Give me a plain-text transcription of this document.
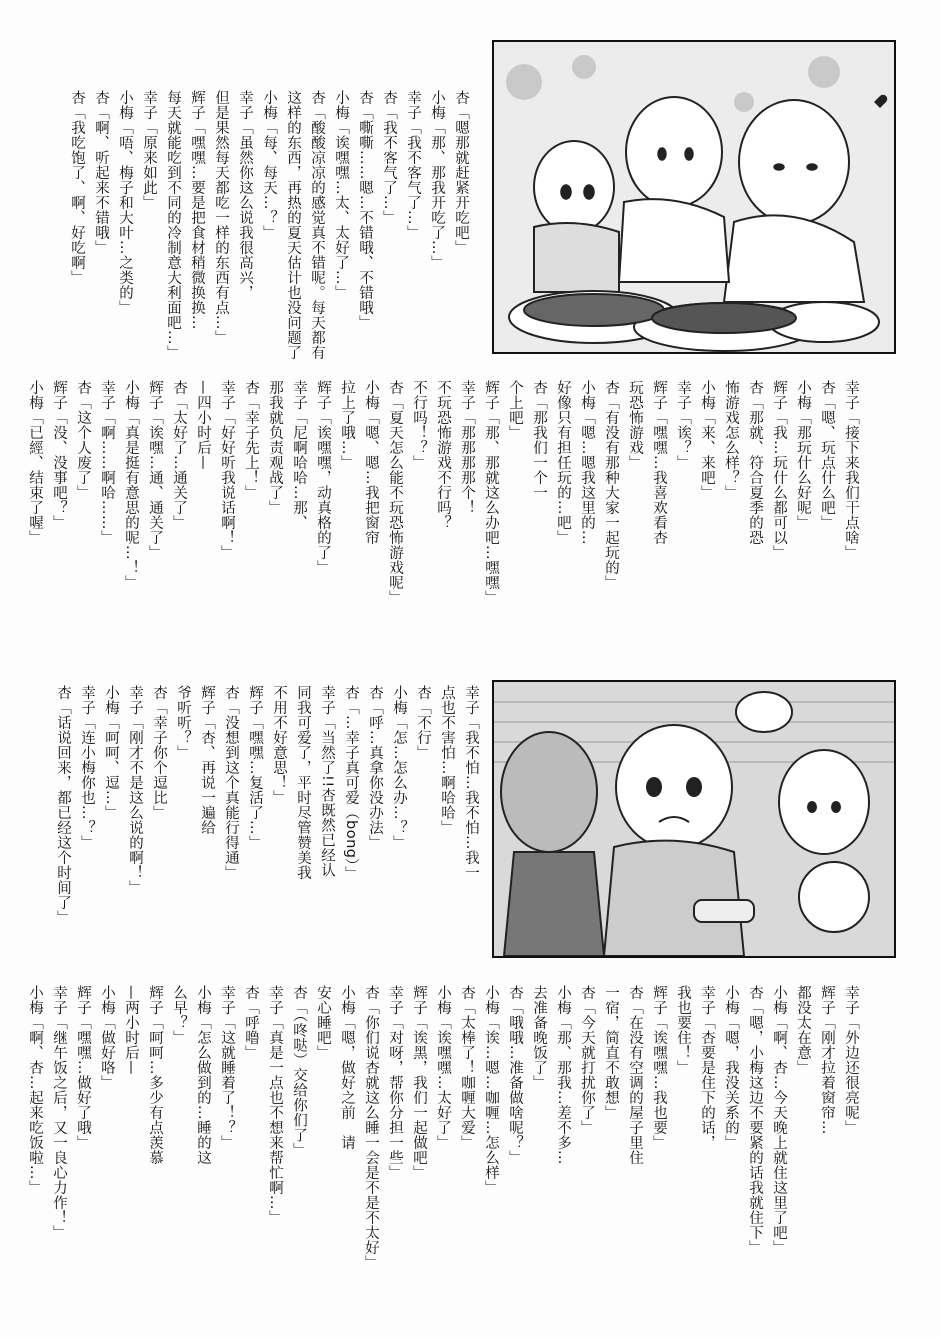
杏「嗯那就赶紧开吃吧」
小梅「那、那我开吃了…」
幸子「我不客气了…」
杏「我不客气了…」
杏「嘶嘶……嗯…不错哦、不错哦」
小梅「诶嘿嘿…太、太好了…」
杏「酸酸凉凉的感觉真不错呢。每天都有
这样的东西，再热的夏天估计也没问题了
小梅「每、每天…？」
幸子「虽然你这么说我很高兴，
但是果然每天都吃一样的东西有点…」
辉子「嘿嘿…要是把食材稍微换换…
每天就能吃到不同的冷制意大利面吧…」
幸子「原来如此」
小梅「唔、梅子和大叶…之类的」
杏「啊、听起来不错哦」
杏「我吃饱了、啊、好吃啊」
幸子「接下来我们干点啥」
杏「嗯、玩点什么吧」
小梅「那玩什么好呢」
辉子「我…玩什么都可以」
杏「那就、符合夏季的恐
怖游戏怎么样？」
小梅「来、来吧」
幸子「诶？」
辉子「嘿嘿…我喜欢看杏
玩恐怖游戏」
杏「有没有那种大家一起玩的」
小梅「嗯…嗯我这里的…
好像只有担任玩的…吧」
杏「那我们一个一
个上吧」
辉子「那、那就这么办吧…嘿嘿」
幸子「那那那那个！
不玩恐怖游戏不行吗？
不行吗！？」
杏「夏天怎么能不玩恐怖游戏呢」
小梅「嗯、嗯…我把窗帘
拉上了哦…」
辉子「诶嘿嘿，动真格的了」
幸子「尼啊哈哈…那、
那我就负责观战了」
杏「幸子先上！」
幸子「好好听我说话啊！」
—四小时后—
杏「太好了…通关了」
辉子「诶嘿…通、通关了」
小梅「真是挺有意思的呢…！」
幸子「啊……啊哈……」
杏「这个人废了」
辉子「没、没事吧？」
小梅「已經、结束了喔」
幸子「我不怕…我不怕…我一
点也不害怕…啊哈哈」
杏「不行」
小梅「怎…怎么办…？」
杏「呼…真拿你没办法」
杏「…幸子真可爱（bong）」
幸子「当然了!!杏既然已经认
同我可爱了，平时尽管赞美我
不用不好意思！」
辉子「嘿嘿…复活了…」
杏「没想到这个真能行得通」
辉子「杏、再说一遍给
爷听听？」
杏「幸子你个逗比」
幸子「刚才不是这么说的啊！」
小梅「呵呵、逗…」
幸子「连小梅你也…？」
杏「话说回来，都已经这个时间了」
幸子「外边还很亮呢」
辉子「刚才拉着窗帘…
都没太在意」
小梅「啊、杏…今天晚上就住这里了吧」
杏「嗯，小梅这边不要紧的话我就住下」
小梅「嗯，我没关系的」
幸子「杏要是住下的话，
我也要住！」
辉子「诶嘿嘿…我也要」
杏「在没有空调的屋子里住
一宿，简直不敢想」
杏「今天就打扰你了」
小梅「那、那我…差不多…
去准备晚饭了」
杏「哦哦…准备做啥呢？」
小梅「诶…嗯…咖喱…怎么样」
杏「太棒了！咖喱大爱」
小梅「诶嘿嘿…太好了」
辉子「诶黑，我们一起做吧」
幸子「对呀，帮你分担一些」
杏「你们说杏就这么睡一会是不是不太好」
小梅「嗯，做好之前　请
安心睡吧」
杏「（咚哒）交给你们了」
幸子「真是一点也不想来帮忙啊…」
杏「呼噜」
幸子「这就睡着了！？」
小梅「怎么做到的…睡的这
么早？」
辉子「呵呵…多少有点羡慕
—两小时后—
小梅「做好咯」
辉子「嘿嘿…做好了哦」
幸子「继午饭之后，又一良心力作！」
小梅「啊、杏…起来吃饭啦…」
